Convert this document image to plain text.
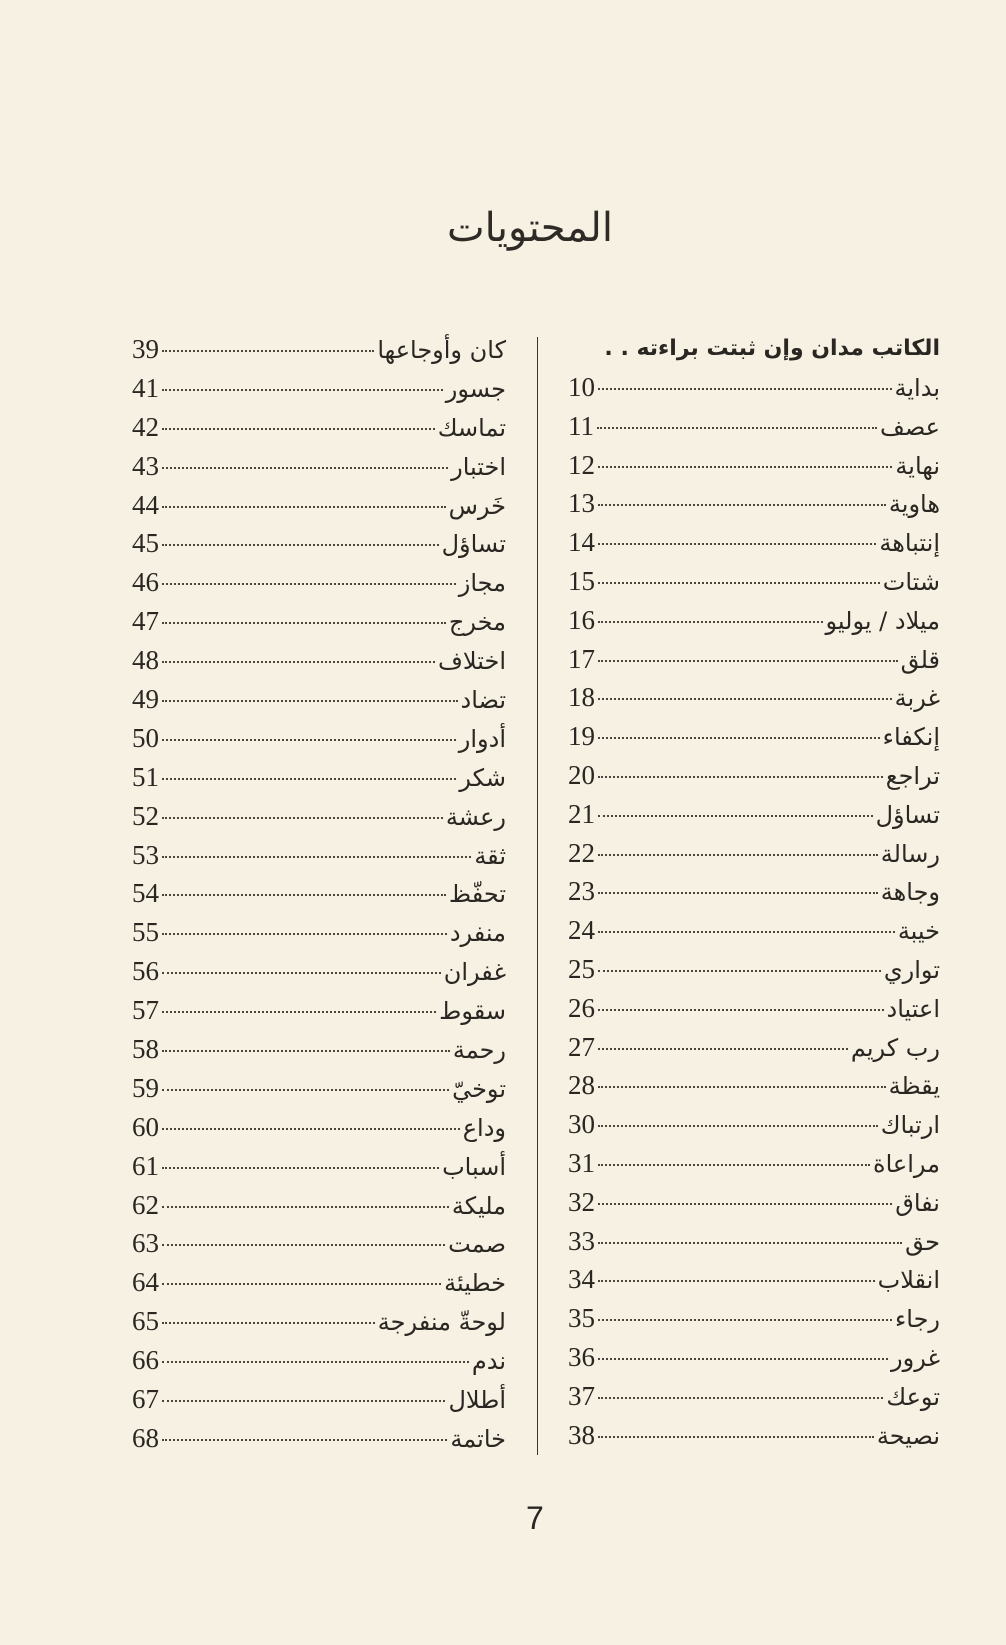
المحتويات
الكاتب مدان وإن ثبتت براءته . .
بداية
10
عصف
11
نهاية
12
هاوية
13
إنتباهة
14
شتات
15
ميلاد / يوليو
16
قلق
17
غربة
18
إنكفاء
19
تراجع
20
تساؤل
21
رسالة
22
وجاهة
23
خيبة
24
تواري
25
اعتياد
26
رب كريم
27
يقظة
28
ارتباك
30
مراعاة
31
نفاق
32
حق
33
انقلاب
34
رجاء
35
غرور
36
توعك
37
نصيحة
38
كان وأوجاعها
39
جسور
41
تماسك
42
اختبار
43
خَرس
44
تساؤل
45
مجاز
46
مخرج
47
اختلاف
48
تضاد
49
أدوار
50
شكر
51
رعشة
52
ثقة
53
تحفّظ
54
منفرد
55
غفران
56
سقوط
57
رحمة
58
توخيّ
59
وداع
60
أسباب
61
مليكة
62
صمت
63
خطيئة
64
لوحةّ منفرجة
65
ندم
66
أطلال
67
خاتمة
68
7
